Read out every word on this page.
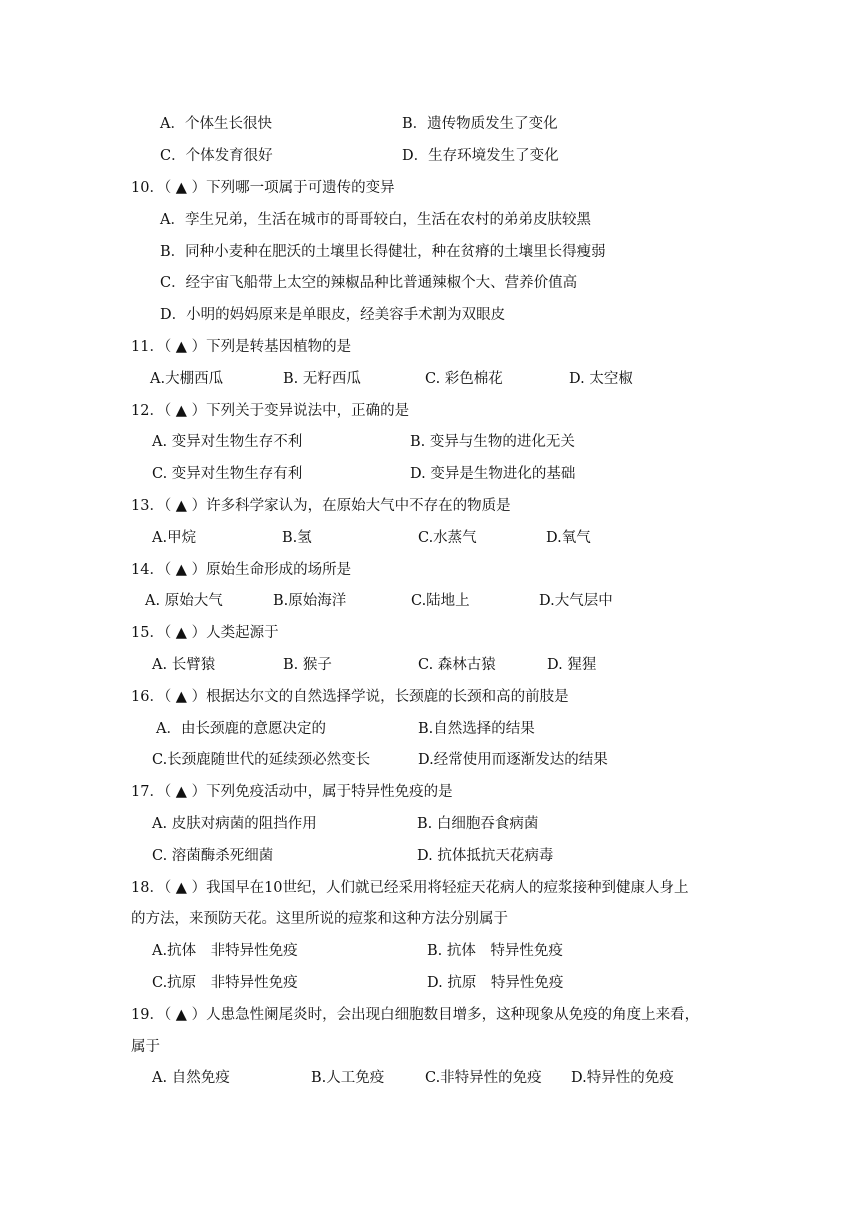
A．个体生长很快	B．遗传物质发生了变化
C．个体发育很好	D．生存环境发生了变化
10．（ ▲ ）下列哪一项属于可遗传的变异
A．孪生兄弟，生活在城市的哥哥较白，生活在农村的弟弟皮肤较黑
B．同种小麦种在肥沃的土壤里长得健壮，种在贫瘠的土壤里长得瘦弱
C．经宇宙飞船带上太空的辣椒品种比普通辣椒个大、营养价值高
D．小明的妈妈原来是单眼皮，经美容手术割为双眼皮
11．（ ▲ ）下列是转基因植物的是
A.大棚西瓜	B. 无籽西瓜	C. 彩色棉花	D. 太空椒
12．（ ▲ ）下列关于变异说法中，正确的是
A. 变异对生物生存不利	B. 变异与生物的进化无关
C. 变异对生物生存有利	D. 变异是生物进化的基础
13．（ ▲ ）许多科学家认为，在原始大气中不存在的物质是
A.甲烷	B.氢	C.水蒸气	D.氧气
14．（ ▲ ）原始生命形成的场所是
A. 原始大气	B.原始海洋	C.陆地上	D.大气层中
15．（ ▲ ）人类起源于
A. 长臂猿	B. 猴子	C. 森林古猿	D. 猩猩
16．（ ▲ ）根据达尔文的自然选择学说，长颈鹿的长颈和高的前肢是
A．由长颈鹿的意愿决定的	B.自然选择的结果
C.长颈鹿随世代的延续颈必然变长	D.经常使用而逐渐发达的结果
17．（ ▲ ）下列免疫活动中，属于特异性免疫的是
A. 皮肤对病菌的阻挡作用	B. 白细胞吞食病菌
C. 溶菌酶杀死细菌	D. 抗体抵抗天花病毒
18．（ ▲ ）我国早在10世纪，人们就已经采用将轻症天花病人的痘浆接种到健康人身上
的方法，来预防天花。这里所说的痘浆和这种方法分别属于
A.抗体　非特异性免疫	B. 抗体　特异性免疫
C.抗原　非特异性免疫	D. 抗原　特异性免疫
19．（ ▲ ）人患急性阑尾炎时，会出现白细胞数目增多，这种现象从免疫的角度上来看，
属于
A. 自然免疫	B.人工免疫	C.非特异性的免疫 D.特异性的免疫
